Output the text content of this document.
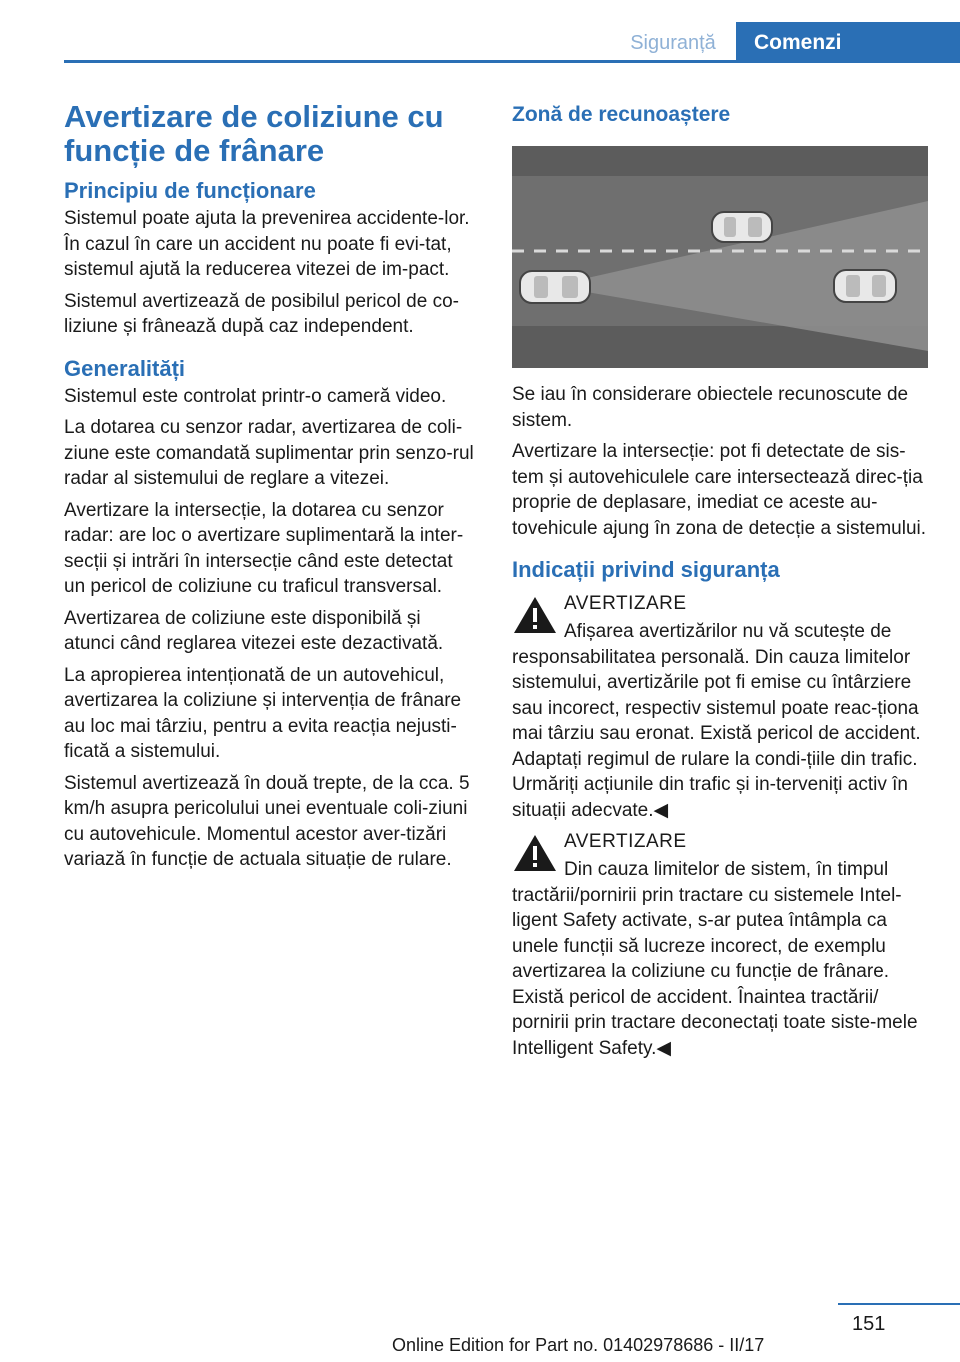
Siguranță	Comenzi
Avertizare de coliziune cu funcție de frânare
Principiu de funcționare

Sistemul poate ajuta la prevenirea accidente-lor. În cazul în care un accident nu poate fi evi-tat, sistemul ajută la reducerea vitezei de im-pact.

Sistemul avertizează de posibilul pericol de co-liziune și frânează după caz independent.

Generalități

Sistemul este controlat printr-o cameră video.

La dotarea cu senzor radar, avertizarea de coli-ziune este comandată suplimentar prin senzo-rul radar al sistemului de reglare a vitezei.

Avertizare la intersecție, la dotarea cu senzor radar: are loc o avertizare suplimentară la inter-secții și intrări în intersecție când este detectat un pericol de coliziune cu traficul transversal.

Avertizarea de coliziune este disponibilă și atunci când reglarea vitezei este dezactivată.

La apropierea intenționată de un autovehicul, avertizarea la coliziune și intervenția de frânare au loc mai târziu, pentru a evita reacția nejusti-ficată a sistemului.

Sistemul avertizează în două trepte, de la cca. 5 km/h asupra pericolului unei eventuale coli-ziuni cu autovehicule. Momentul acestor aver-tizări variază în funcție de actuala situație de rulare.

Zonă de recunoaștere

Se iau în considerare obiectele recunoscute de sistem.

Avertizare la intersecție: pot fi detectate de sis-tem și autovehiculele care intersectează direc-ția proprie de deplasare, imediat ce aceste au-tovehicule ajung în zona de detecție a sistemului.

Indicații privind siguranța

AVERTIZARE

Afișarea avertizărilor nu vă scutește de responsabilitatea personală. Din cauza limitelor sistemului, avertizările pot fi emise cu întârziere sau incorect, respectiv sistemul poate reac-ționa mai târziu sau eronat. Există pericol de accident. Adaptați regimul de rulare la condi-țiile din trafic. Urmăriți acțiunile din trafic și in-terveniți activ în situații adecvate.◀

AVERTIZARE

Din cauza limitelor de sistem, în timpul tractării/pornirii prin tractare cu sistemele Intel-ligent Safety activate, s-ar putea întâmpla ca unele funcții să lucreze incorect, de exemplu avertizarea la coliziune cu funcție de frânare. Există pericol de accident. Înaintea tractării/ pornirii prin tractare deconectați toate siste-mele Intelligent Safety.◀

151
Online Edition for Part no. 01402978686 - II/17
